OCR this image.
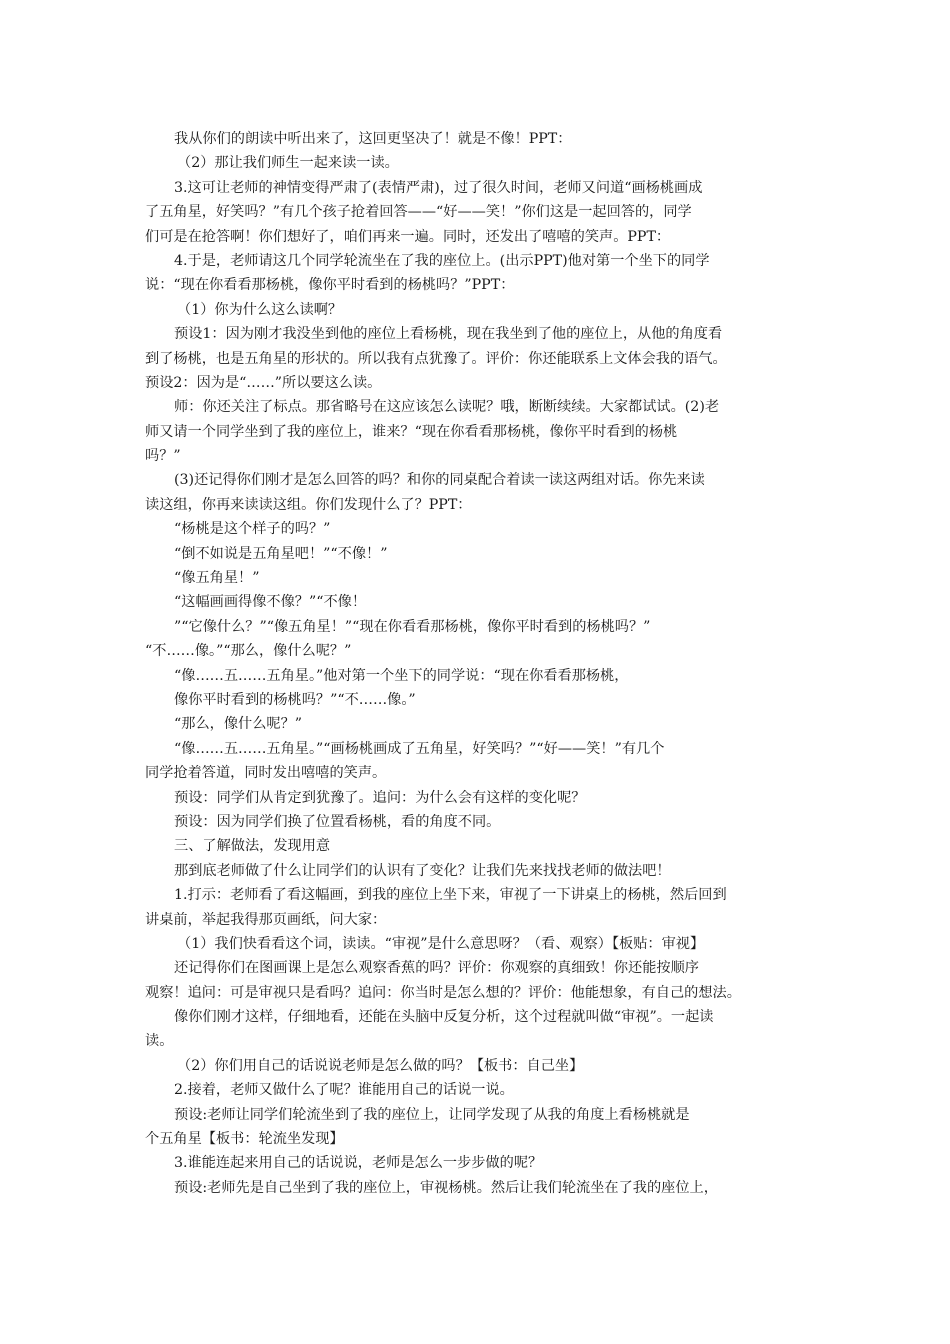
我从你们的朗读中听出来了，这回更坚决了！就是不像！PPT：
（2）那让我们师生一起来读一读。
3.这可让老师的神情变得严肃了(表情严肃)，过了很久时间，老师又问道“画杨桃画成
了五角星，好笑吗？”有几个孩子抢着回答——“好——笑！”你们这是一起回答的，同学
们可是在抢答啊！你们想好了，咱们再来一遍。同时，还发出了嘻嘻的笑声。PPT：
4.于是，老师请这几个同学轮流坐在了我的座位上。(出示PPT)他对第一个坐下的同学
说：“现在你看看那杨桃，像你平时看到的杨桃吗？”PPT：
（1）你为什么这么读啊？
预设1：因为刚才我没坐到他的座位上看杨桃，现在我坐到了他的座位上，从他的角度看
到了杨桃，也是五角星的形状的。所以我有点犹豫了。评价：你还能联系上文体会我的语气。
预设2：因为是“……”所以要这么读。
师：你还关注了标点。那省略号在这应该怎么读呢？哦，断断续续。大家都试试。(2)老
师又请一个同学坐到了我的座位上，谁来？“现在你看看那杨桃，像你平时看到的杨桃
吗？”
(3)还记得你们刚才是怎么回答的吗？和你的同桌配合着读一读这两组对话。你先来读
读这组，你再来读读这组。你们发现什么了？PPT：
“杨桃是这个样子的吗？”
“倒不如说是五角星吧！”“不像！”
“像五角星！”
“这幅画画得像不像？”“不像！
”“它像什么？”“像五角星！”“现在你看看那杨桃，像你平时看到的杨桃吗？”
“不……像。”“那么，像什么呢？”
“像……五……五角星。”他对第一个坐下的同学说：“现在你看看那杨桃，
像你平时看到的杨桃吗？”“不……像。”
“那么，像什么呢？”
“像……五……五角星。”“画杨桃画成了五角星，好笑吗？”“好——笑！”有几个
同学抢着答道，同时发出嘻嘻的笑声。
预设：同学们从肯定到犹豫了。追问：为什么会有这样的变化呢？
预设：因为同学们换了位置看杨桃，看的角度不同。
三、了解做法，发现用意
那到底老师做了什么让同学们的认识有了变化？让我们先来找找老师的做法吧！
1.打示：老师看了看这幅画，到我的座位上坐下来，审视了一下讲桌上的杨桃，然后回到
讲桌前，举起我得那页画纸，问大家：
（1）我们快看看这个词，读读。“审视”是什么意思呀？（看、观察）【板贴：审视】
还记得你们在图画课上是怎么观察香蕉的吗？评价：你观察的真细致！你还能按顺序
观察！追问：可是审视只是看吗？追问：你当时是怎么想的？评价：他能想象，有自己的想法。
像你们刚才这样，仔细地看，还能在头脑中反复分析，这个过程就叫做“审视”。一起读
读。
（2）你们用自己的话说说老师是怎么做的吗？【板书：自己坐】
2.接着，老师又做什么了呢？谁能用自己的话说一说。
预设:老师让同学们轮流坐到了我的座位上，让同学发现了从我的角度上看杨桃就是
个五角星【板书：轮流坐发现】
3.谁能连起来用自己的话说说，老师是怎么一步步做的呢？
预设:老师先是自己坐到了我的座位上，审视杨桃。然后让我们轮流坐在了我的座位上，
